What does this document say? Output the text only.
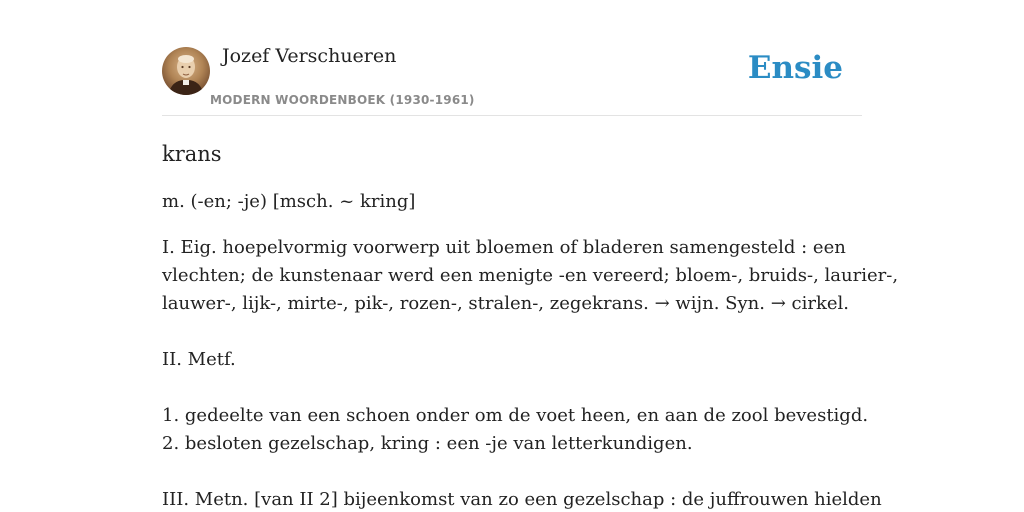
Jozef Verschueren
MODERN WOORDENBOEK (1930-1961)
Ensie
krans
m. (-en; -je) [msch. ~ kring]
I. Eig. hoepelvormig voorwerp uit bloemen of bladeren samengesteld : een
vlechten; de kunstenaar werd een menigte -en vereerd; bloem-, bruids-, laurier-,
lauwer-, lijk-, mirte-, pik-, rozen-, stralen-, zegekrans. → wijn. Syn. → cirkel.
II. Metf.
1. gedeelte van een schoen onder om de voet heen, en aan de zool bevestigd.
2. besloten gezelschap, kring : een -je van letterkundigen.
III. Metn. [van II 2] bijeenkomst van zo een gezelschap : de juffrouwen hielden
